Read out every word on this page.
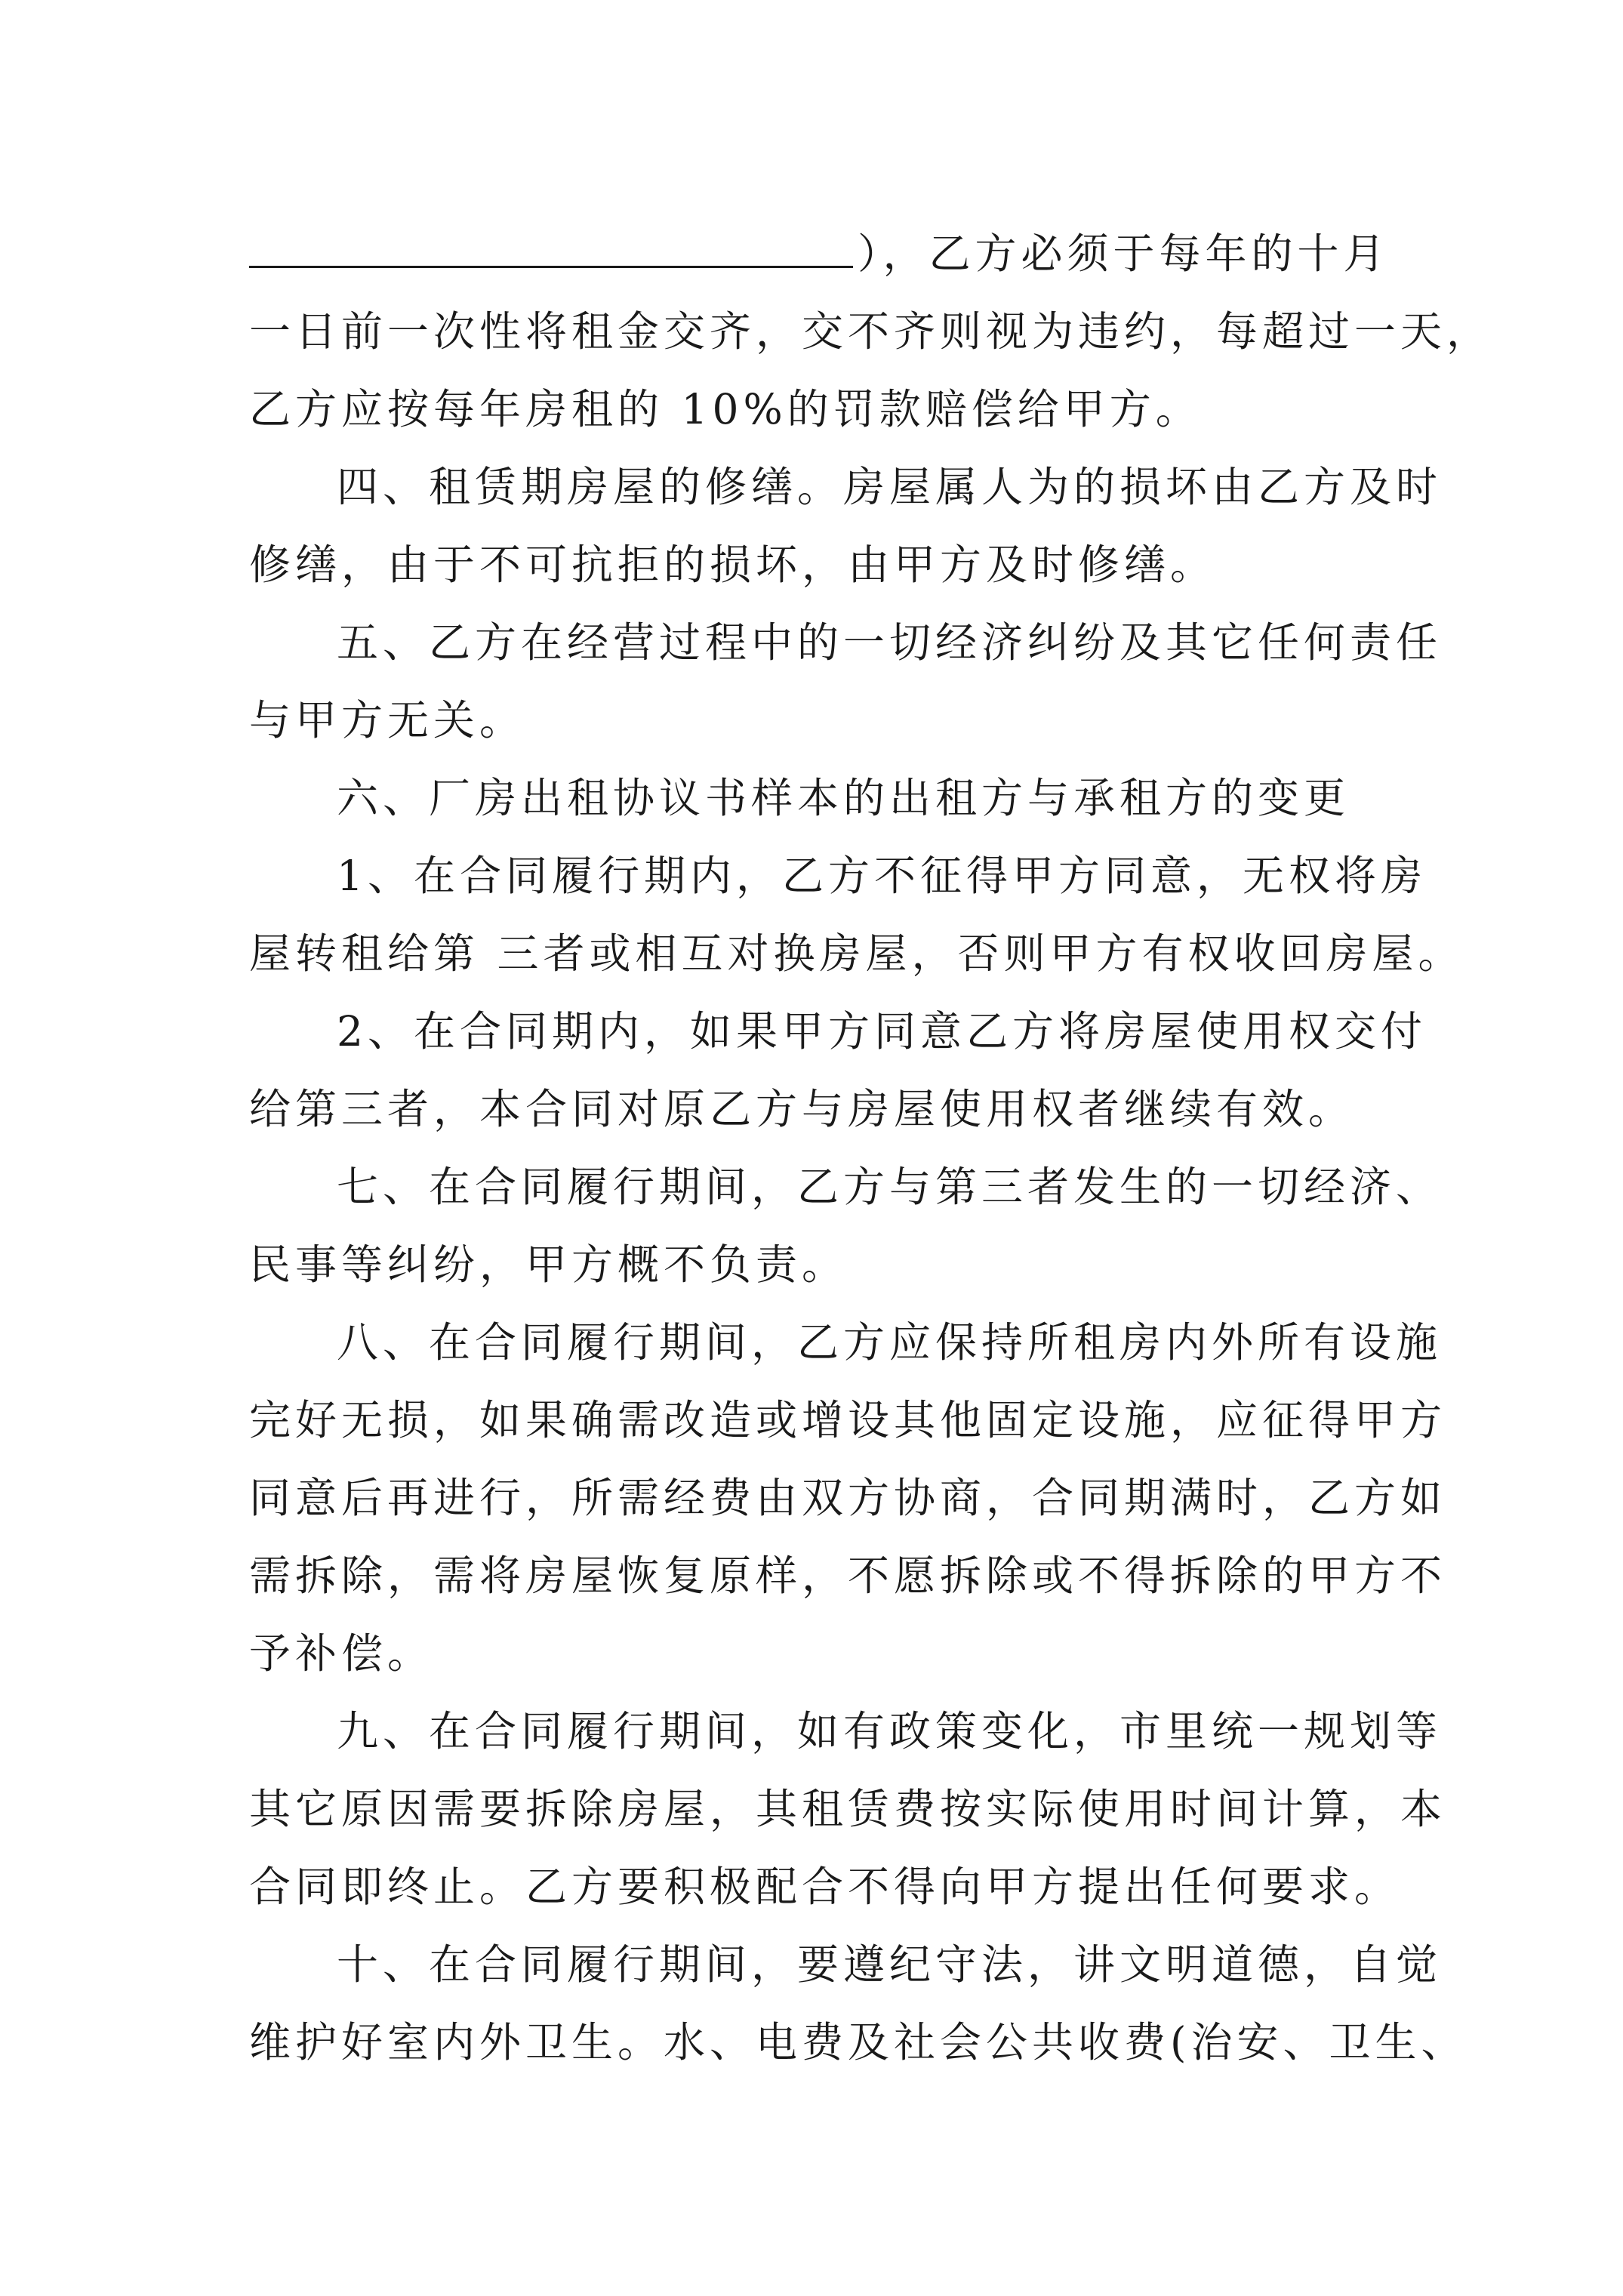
），乙方必须于每年的十月
一日前一次性将租金交齐，交不齐则视为违约，每超过一天，
乙方应按每年房租的 10%的罚款赔偿给甲方。
四、租赁期房屋的修缮。房屋属人为的损坏由乙方及时
修缮，由于不可抗拒的损坏，由甲方及时修缮。
五、乙方在经营过程中的一切经济纠纷及其它任何责任
与甲方无关。
六、厂房出租协议书样本的出租方与承租方的变更
1、在合同履行期内，乙方不征得甲方同意，无权将房
屋转租给第 三者或相互对换房屋，否则甲方有权收回房屋。
2、在合同期内，如果甲方同意乙方将房屋使用权交付
给第三者，本合同对原乙方与房屋使用权者继续有效。
七、在合同履行期间，乙方与第三者发生的一切经济、
民事等纠纷，甲方概不负责。
八、在合同履行期间，乙方应保持所租房内外所有设施
完好无损，如果确需改造或增设其他固定设施，应征得甲方
同意后再进行，所需经费由双方协商，合同期满时，乙方如
需拆除，需将房屋恢复原样，不愿拆除或不得拆除的甲方不
予补偿。
九、在合同履行期间，如有政策变化，市里统一规划等
其它原因需要拆除房屋，其租赁费按实际使用时间计算，本
合同即终止。乙方要积极配合不得向甲方提出任何要求。
十、在合同履行期间，要遵纪守法，讲文明道德，自觉
维护好室内外卫生。水、电费及社会公共收费(治安、卫生、
